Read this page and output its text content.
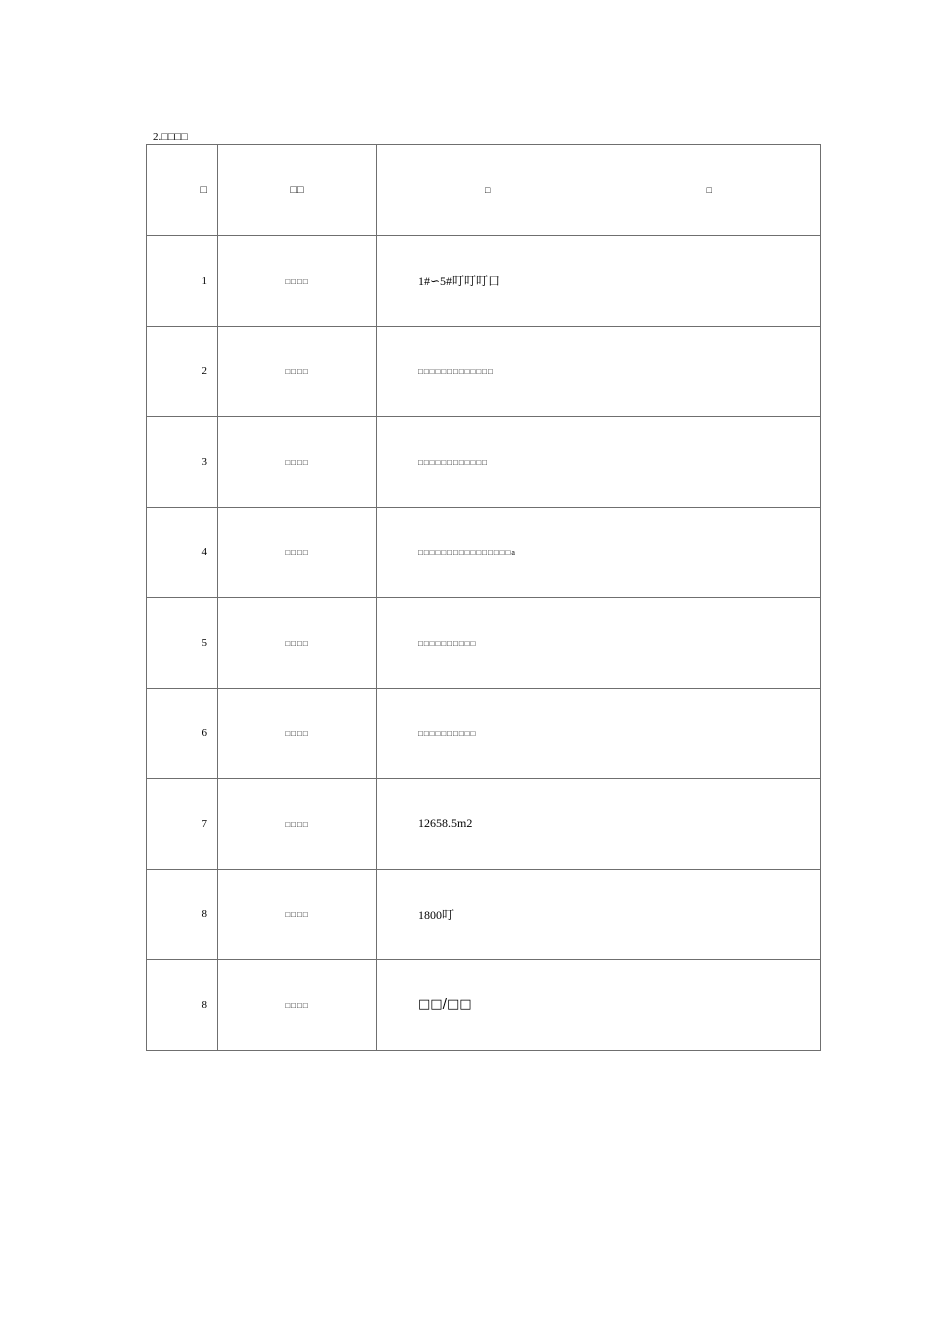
2.□□□□
□	□□	□ □

1	□□□□	1#∽5#叮叮叮口
2	□□□□	□□□□□□□□□□□□□
3	□□□□	□□□□□□□□□□□□
4	□□□□	□□□□□□□□□□□□□□□□a
5	□□□□	□□□□□□□□□□
6	□□□□	□□□□□□□□□□
7	□□□□	12658.5m2
8	□□□□	1800叮
8	□□□□	□□/□□
